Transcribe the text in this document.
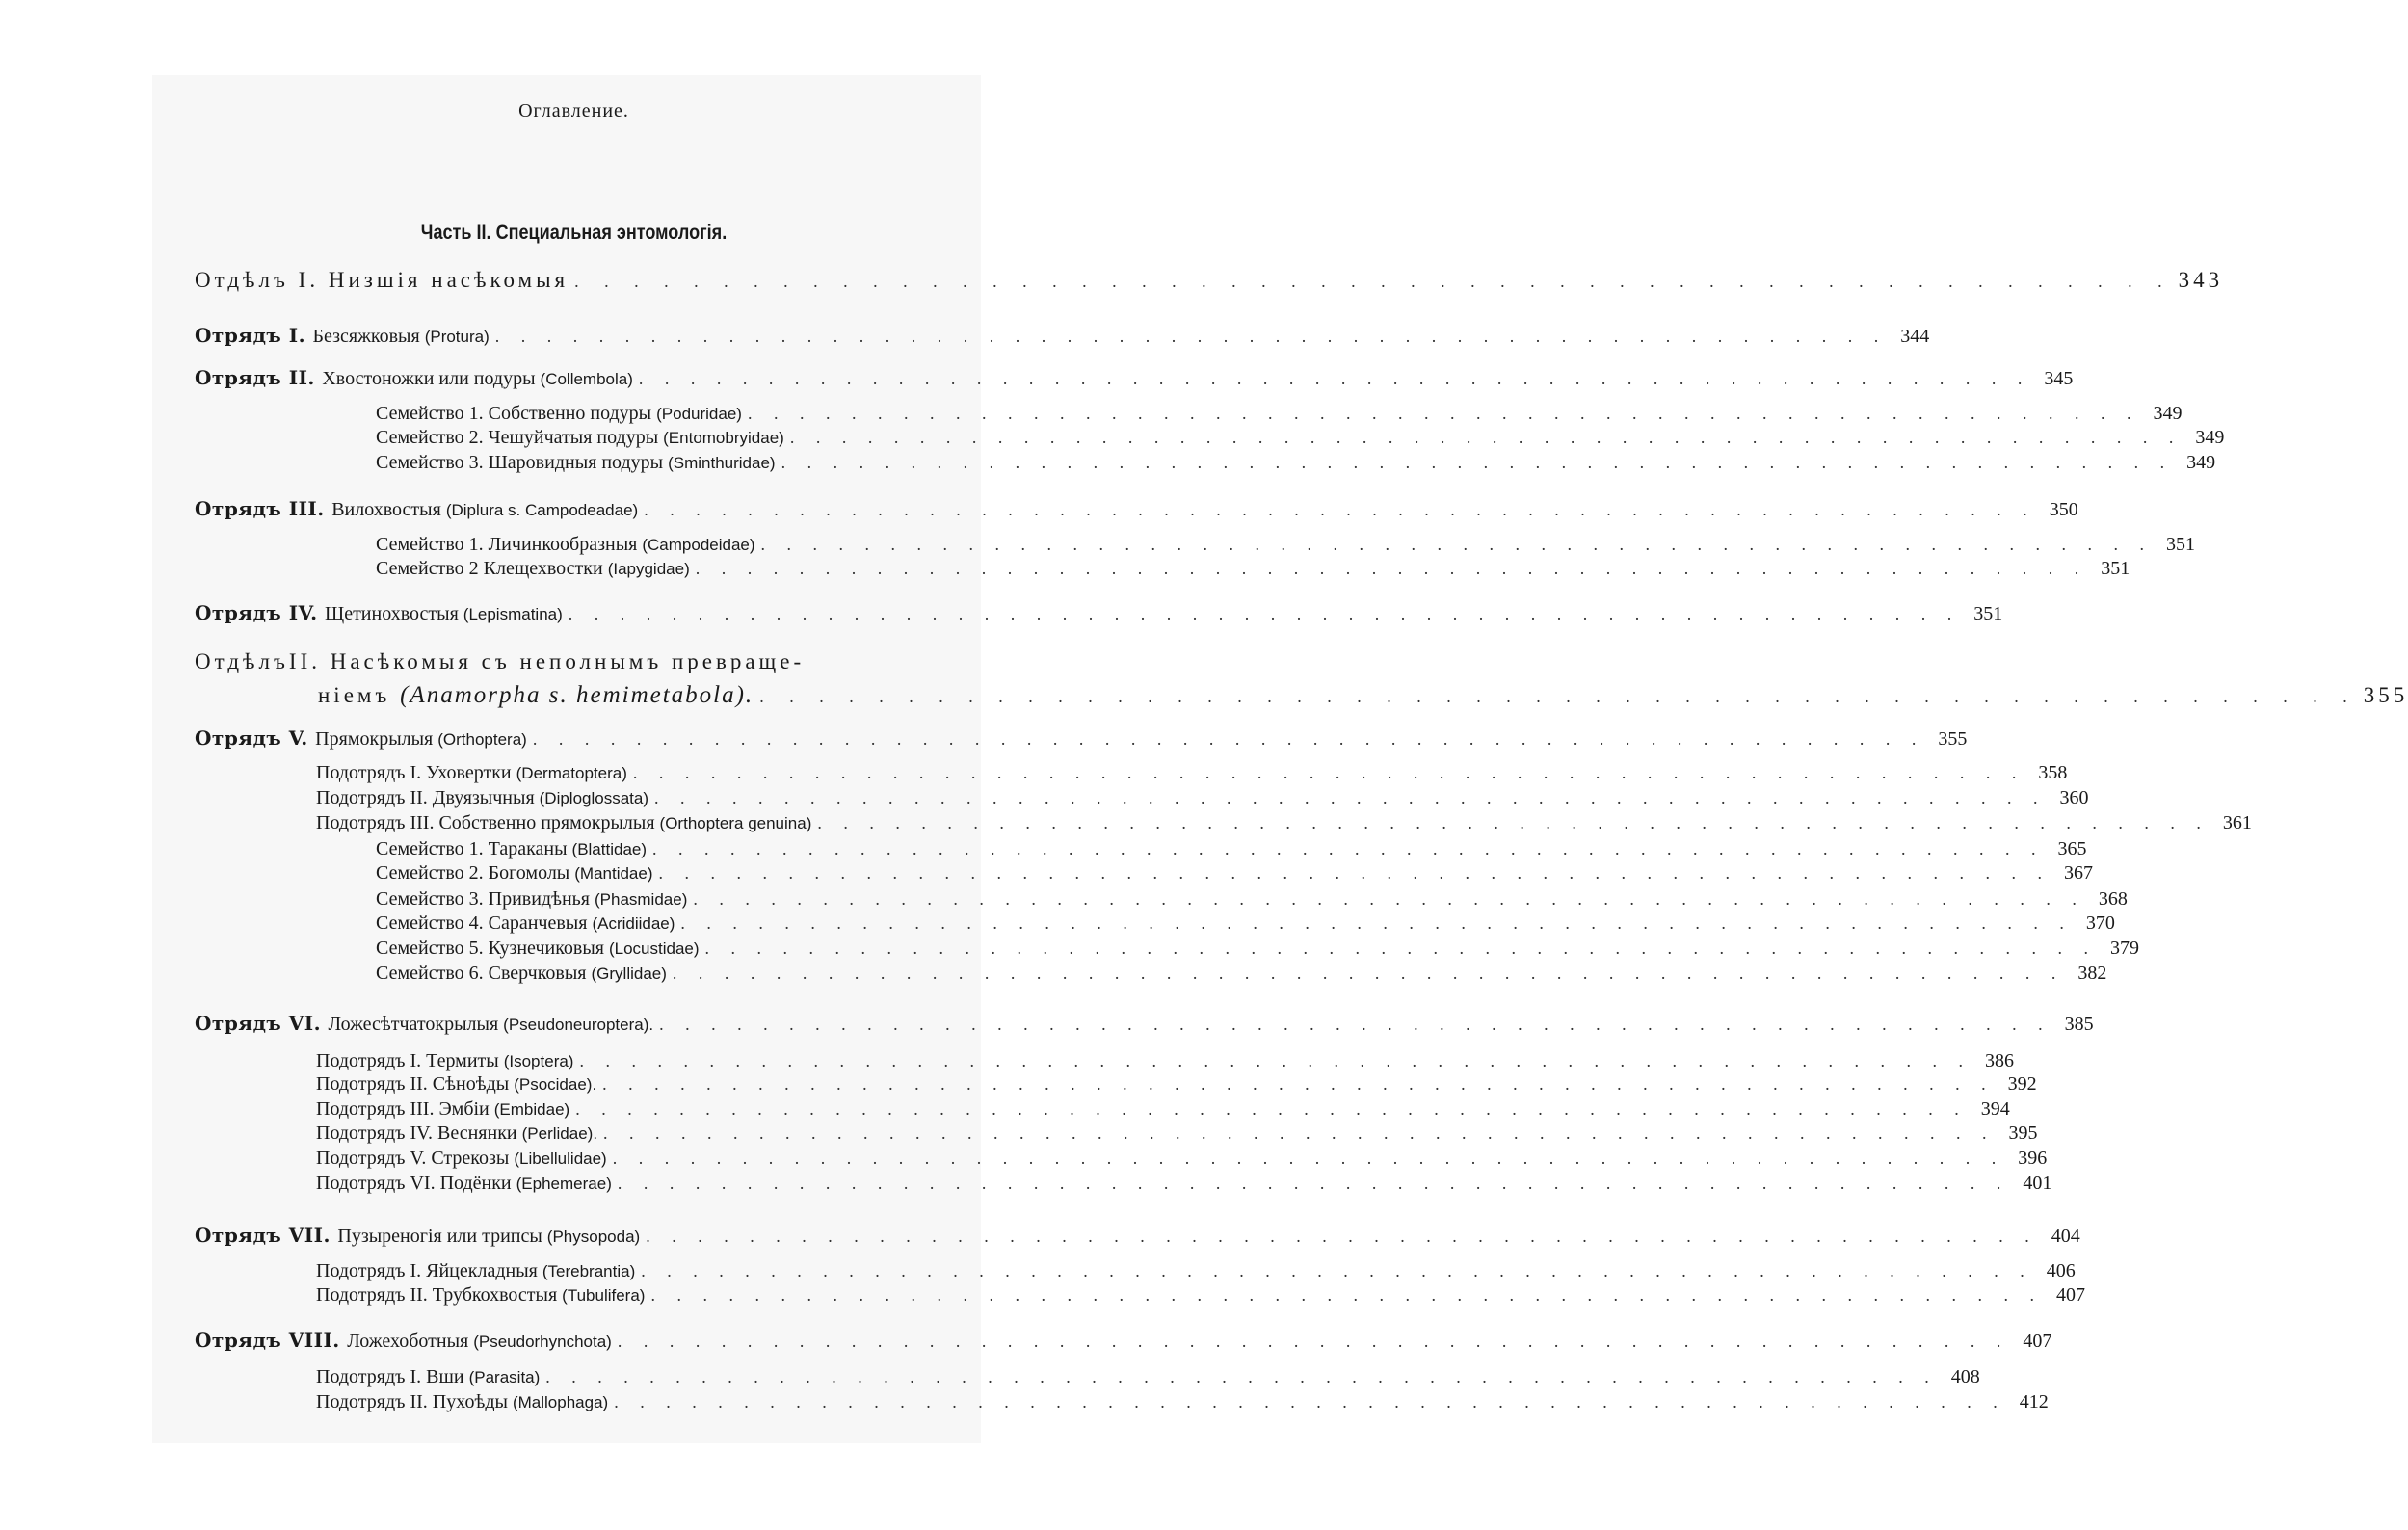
Оглавление.
Часть II. Специальная энтомологія.
Отдѣлъ I. Низшія насѣкомыя . . . . . . . . . . . . . . . . . . . . . . . . . . . . . . . . . . . . . . . . . . . . . . . . . . . . . . 343
Отрядъ I. Безсяжковыя (Protura) . . . . . . . . . . . . . . . . . . . . . . . . . . . . . . . . . . . . . . . . . . . . . . . . . . . . . . 344
Отрядъ II. Хвостоножки или подуры (Collembola) . . . . . . . . . . . . . . . . . . . . . . . . . . . . . . . . . . . . . . . . . . . . . . . . . . . . . . 345
Семейство 1. Собственно подуры (Poduridae) . . . . . . . . . . . . . . . . . . . . . . . . . . . . . . . . . . . . . . . . . . . . . . . . . . . . . . 349
Семейство 2. Чешуйчатыя подуры (Entomobryidae) . . . . . . . . . . . . . . . . . . . . . . . . . . . . . . . . . . . . . . . . . . . . . . . . . . . . . . 349
Семейство 3. Шаровидныя подуры (Sminthuridae) . . . . . . . . . . . . . . . . . . . . . . . . . . . . . . . . . . . . . . . . . . . . . . . . . . . . . . 349
Отрядъ III. Вилохвостыя (Diplura s. Campodeadae) . . . . . . . . . . . . . . . . . . . . . . . . . . . . . . . . . . . . . . . . . . . . . . . . . . . . . . 350
Семейство 1. Личинкообразныя (Campodeidae) . . . . . . . . . . . . . . . . . . . . . . . . . . . . . . . . . . . . . . . . . . . . . . . . . . . . . . 351
Семейство 2 Клещехвостки (Iapygidae) . . . . . . . . . . . . . . . . . . . . . . . . . . . . . . . . . . . . . . . . . . . . . . . . . . . . . . 351
Отрядъ IV. Щетинохвостыя (Lepismatina) . . . . . . . . . . . . . . . . . . . . . . . . . . . . . . . . . . . . . . . . . . . . . . . . . . . . . . 351
Отдѣлъ II. Насѣкомыя съ неполнымъ превраще-
ніемъ (Anamorpha s. hemimetabola). . . . . . . . . . . . . . . . . . . . . . . . . . . . . . . . . . . . . . . . . . . . . . . . . . . . . . . 355
Отрядъ V. Прямокрылыя (Orthoptera) . . . . . . . . . . . . . . . . . . . . . . . . . . . . . . . . . . . . . . . . . . . . . . . . . . . . . . 355
Подотрядъ I. Уховертки (Dermatoptera) . . . . . . . . . . . . . . . . . . . . . . . . . . . . . . . . . . . . . . . . . . . . . . . . . . . . . . 358
Подотрядъ II. Двуязычныя (Diploglossata) . . . . . . . . . . . . . . . . . . . . . . . . . . . . . . . . . . . . . . . . . . . . . . . . . . . . . . 360
Подотрядъ III. Собственно прямокрылыя (Orthoptera genuina) . . . . . . . . . . . . . . . . . . . . . . . . . . . . . . . . . . . . . . . . . . . . . . . . . . . . . . 361
Семейство 1. Тараканы (Blattidae) . . . . . . . . . . . . . . . . . . . . . . . . . . . . . . . . . . . . . . . . . . . . . . . . . . . . . . 365
Семейство 2. Богомолы (Mantidae) . . . . . . . . . . . . . . . . . . . . . . . . . . . . . . . . . . . . . . . . . . . . . . . . . . . . . . 367
Семейство 3. Привидѣнья (Phasmidae) . . . . . . . . . . . . . . . . . . . . . . . . . . . . . . . . . . . . . . . . . . . . . . . . . . . . . . 368
Семейство 4. Саранчевыя (Acridiidae) . . . . . . . . . . . . . . . . . . . . . . . . . . . . . . . . . . . . . . . . . . . . . . . . . . . . . . 370
Семейство 5. Кузнечиковыя (Locustidae) . . . . . . . . . . . . . . . . . . . . . . . . . . . . . . . . . . . . . . . . . . . . . . . . . . . . . . 379
Семейство 6. Сверчковыя (Gryllidae) . . . . . . . . . . . . . . . . . . . . . . . . . . . . . . . . . . . . . . . . . . . . . . . . . . . . . . 382
Отрядъ VI. Ложесѣтчатокрылыя (Pseudoneuroptera). . . . . . . . . . . . . . . . . . . . . . . . . . . . . . . . . . . . . . . . . . . . . . . . . . . . . . . 385
Подотрядъ I. Термиты (Isoptera) . . . . . . . . . . . . . . . . . . . . . . . . . . . . . . . . . . . . . . . . . . . . . . . . . . . . . . 386
Подотрядъ II. Сѣноѣды (Psocidae). . . . . . . . . . . . . . . . . . . . . . . . . . . . . . . . . . . . . . . . . . . . . . . . . . . . . . . 392
Подотрядъ III. Эмбіи (Embidae) . . . . . . . . . . . . . . . . . . . . . . . . . . . . . . . . . . . . . . . . . . . . . . . . . . . . . . 394
Подотрядъ IV. Веснянки (Perlidae). . . . . . . . . . . . . . . . . . . . . . . . . . . . . . . . . . . . . . . . . . . . . . . . . . . . . . . 395
Подотрядъ V. Стрекозы (Libellulidae) . . . . . . . . . . . . . . . . . . . . . . . . . . . . . . . . . . . . . . . . . . . . . . . . . . . . . . 396
Подотрядъ VI. Подёнки (Ephemerae) . . . . . . . . . . . . . . . . . . . . . . . . . . . . . . . . . . . . . . . . . . . . . . . . . . . . . . 401
Отрядъ VII. Пузыреногія или трипсы (Physopoda) . . . . . . . . . . . . . . . . . . . . . . . . . . . . . . . . . . . . . . . . . . . . . . . . . . . . . . 404
Подотрядъ I. Яйцекладныя (Terebrantia) . . . . . . . . . . . . . . . . . . . . . . . . . . . . . . . . . . . . . . . . . . . . . . . . . . . . . . 406
Подотрядъ II. Трубкохвостыя (Tubulifera) . . . . . . . . . . . . . . . . . . . . . . . . . . . . . . . . . . . . . . . . . . . . . . . . . . . . . . 407
Отрядъ VIII. Ложехоботныя (Pseudorhynchota) . . . . . . . . . . . . . . . . . . . . . . . . . . . . . . . . . . . . . . . . . . . . . . . . . . . . . . 407
Подотрядъ I. Вши (Parasita) . . . . . . . . . . . . . . . . . . . . . . . . . . . . . . . . . . . . . . . . . . . . . . . . . . . . . . 408
Подотрядъ II. Пухоѣды (Mallophaga) . . . . . . . . . . . . . . . . . . . . . . . . . . . . . . . . . . . . . . . . . . . . . . . . . . . . . . 412
